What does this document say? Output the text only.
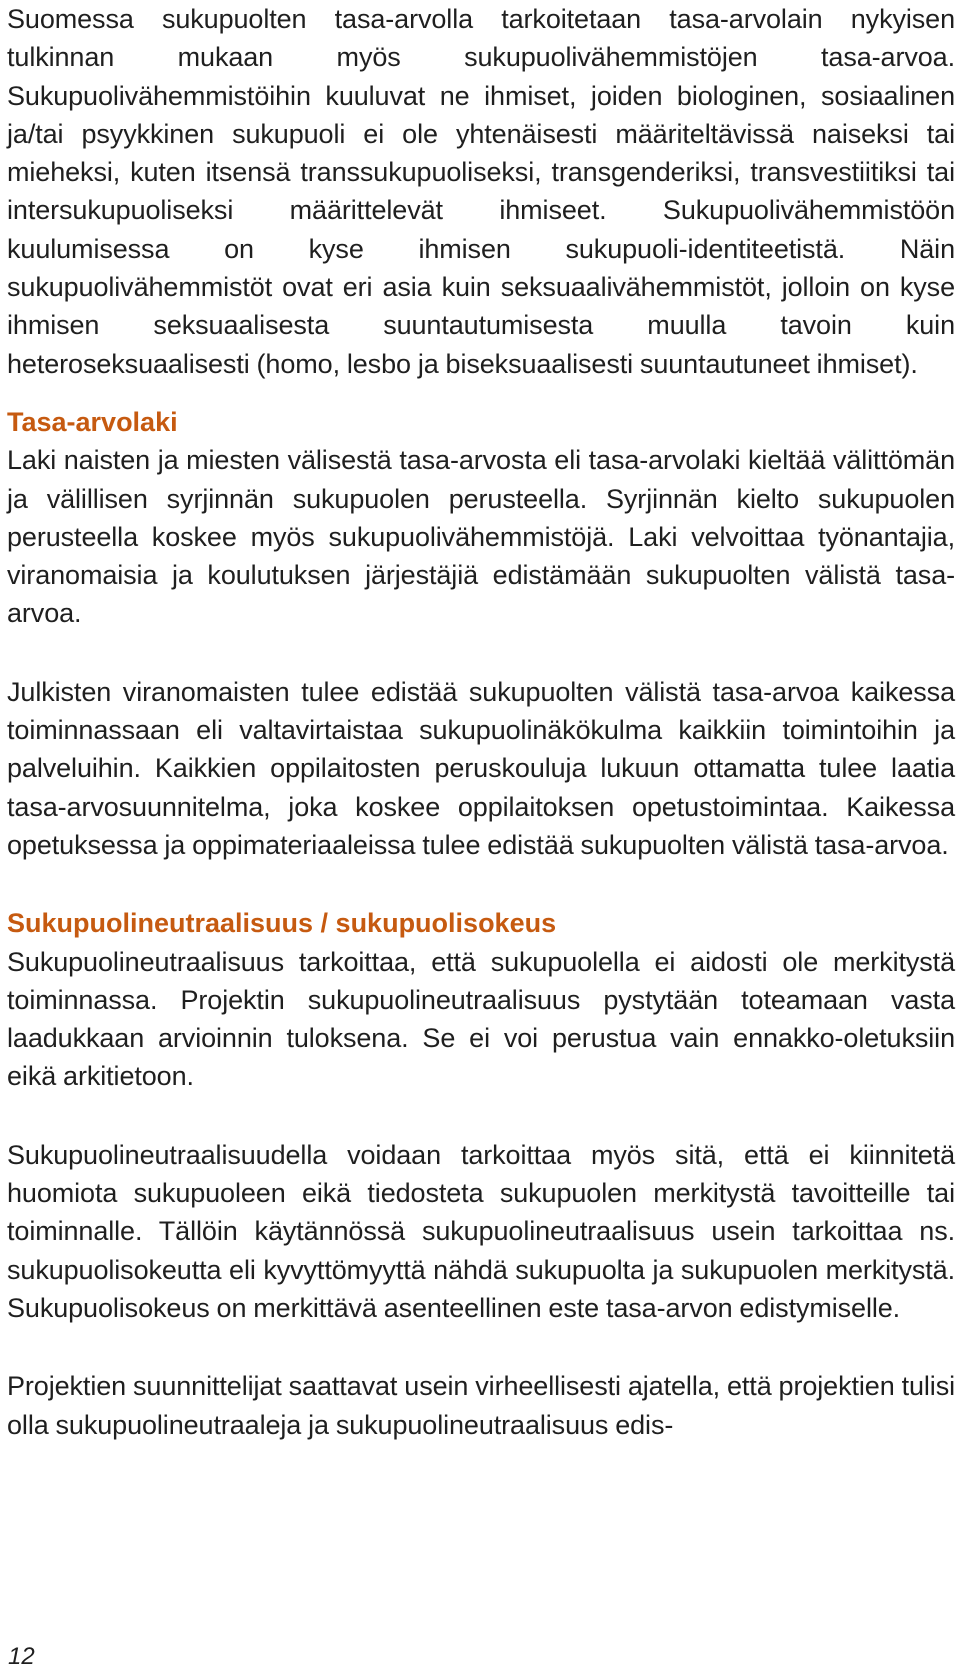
Suomessa sukupuolten tasa-arvolla tarkoitetaan tasa-arvolain nykyisen tulkinnan mukaan myös sukupuolivähemmistöjen tasa-arvoa. Sukupuolivähemmistöihin kuuluvat ne ihmiset, joiden biologinen, sosiaalinen ja/tai psyykkinen sukupuoli ei ole yhtenäisesti määriteltävissä naiseksi tai mieheksi, kuten itsensä transsukupuoliseksi, transgenderiksi, transvestiitiksi tai intersukupuoliseksi määrittelevät ihmiseet. Sukupuolivähemmistöön kuulumisessa on kyse ihmisen sukupuoli-identiteetistä. Näin sukupuolivähemmistöt ovat eri asia kuin seksuaalivähemmistöt, jolloin on kyse ihmisen seksuaalisesta suuntautumisesta muulla tavoin kuin heteroseksuaalisesti (homo, lesbo ja biseksuaalisesti suuntautuneet ihmiset).

Tasa-arvolaki

Laki naisten ja miesten välisestä tasa-arvosta eli tasa-arvolaki kieltää välittömän ja välillisen syrjinnän sukupuolen perusteella. Syrjinnän kielto sukupuolen perusteella koskee myös sukupuolivähemmistöjä. Laki velvoittaa työnantajia, viranomaisia ja koulutuksen järjestäjiä edistämään sukupuolten välistä tasa-arvoa.

Julkisten viranomaisten tulee edistää sukupuolten välistä tasa-arvoa kaikessa toiminnassaan eli valtavirtaistaa sukupuolinäkökulma kaikkiin toimintoihin ja palveluihin. Kaikkien oppilaitosten peruskouluja lukuun ottamatta tulee laatia tasa-arvosuunnitelma, joka koskee oppilaitoksen opetustoimintaa. Kaikessa opetuksessa ja oppimateriaaleissa tulee edistää sukupuolten välistä tasa-arvoa.

Sukupuolineutraalisuus / sukupuolisokeus

Sukupuolineutraalisuus tarkoittaa, että sukupuolella ei aidosti ole merkitystä toiminnassa. Projektin sukupuolineutraalisuus pystytään toteamaan vasta laadukkaan arvioinnin tuloksena. Se ei voi perustua vain ennakko-oletuksiin eikä arkitietoon.

Sukupuolineutraalisuudella voidaan tarkoittaa myös sitä, että ei kiinnitetä huomiota sukupuoleen eikä tiedosteta sukupuolen merkitystä tavoitteille tai toiminnalle. Tällöin käytännössä sukupuolineutraalisuus usein tarkoittaa ns. sukupuolisokeutta eli kyvyttömyyttä nähdä sukupuolta ja sukupuolen merkitystä. Sukupuolisokeus on merkittävä asenteellinen este tasa-arvon edistymiselle.

Projektien suunnittelijat saattavat usein virheellisesti ajatella, että projektien tulisi olla sukupuolineutraaleja ja sukupuolineutraalisuus edis-

12
